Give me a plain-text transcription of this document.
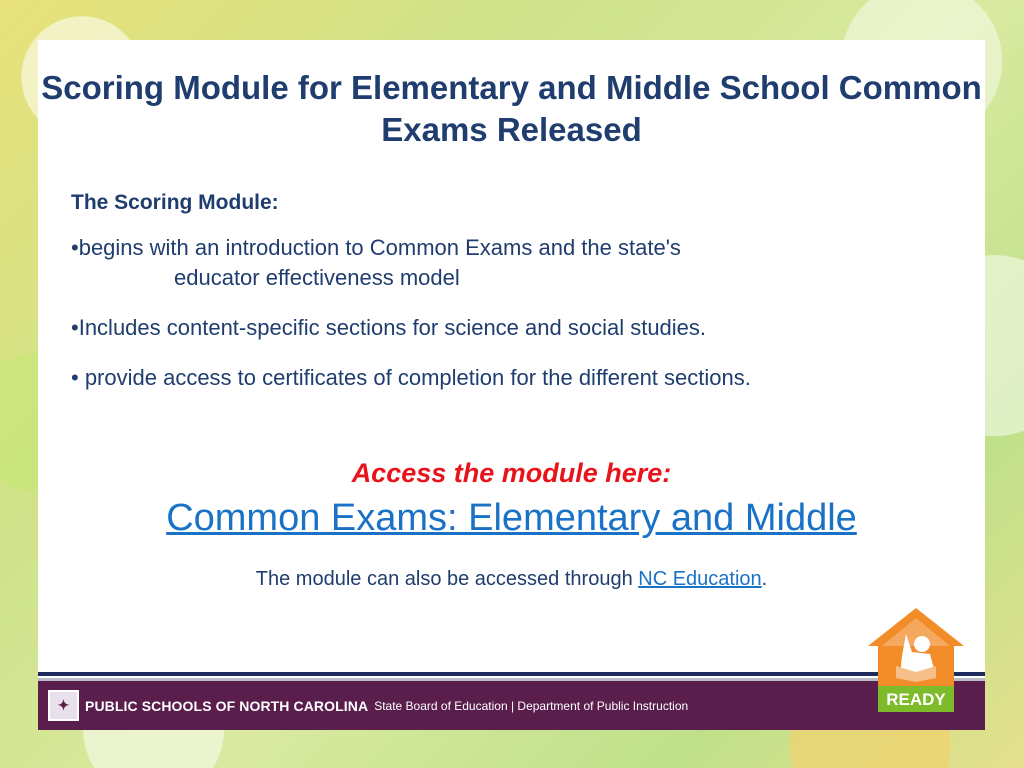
Scoring Module for Elementary and Middle School Common Exams Released
The Scoring Module:
•begins with an introduction to Common Exams and the state's
educator effectiveness model
•Includes content-specific sections for science and social studies.
• provide access to certificates of completion for the different sections.
Access the module here:
Common Exams: Elementary and Middle
The module can also be accessed through NC Education.
✦	PUBLIC SCHOOLS OF NORTH CAROLINA State Board of Education | Department of Public Instruction	READY
